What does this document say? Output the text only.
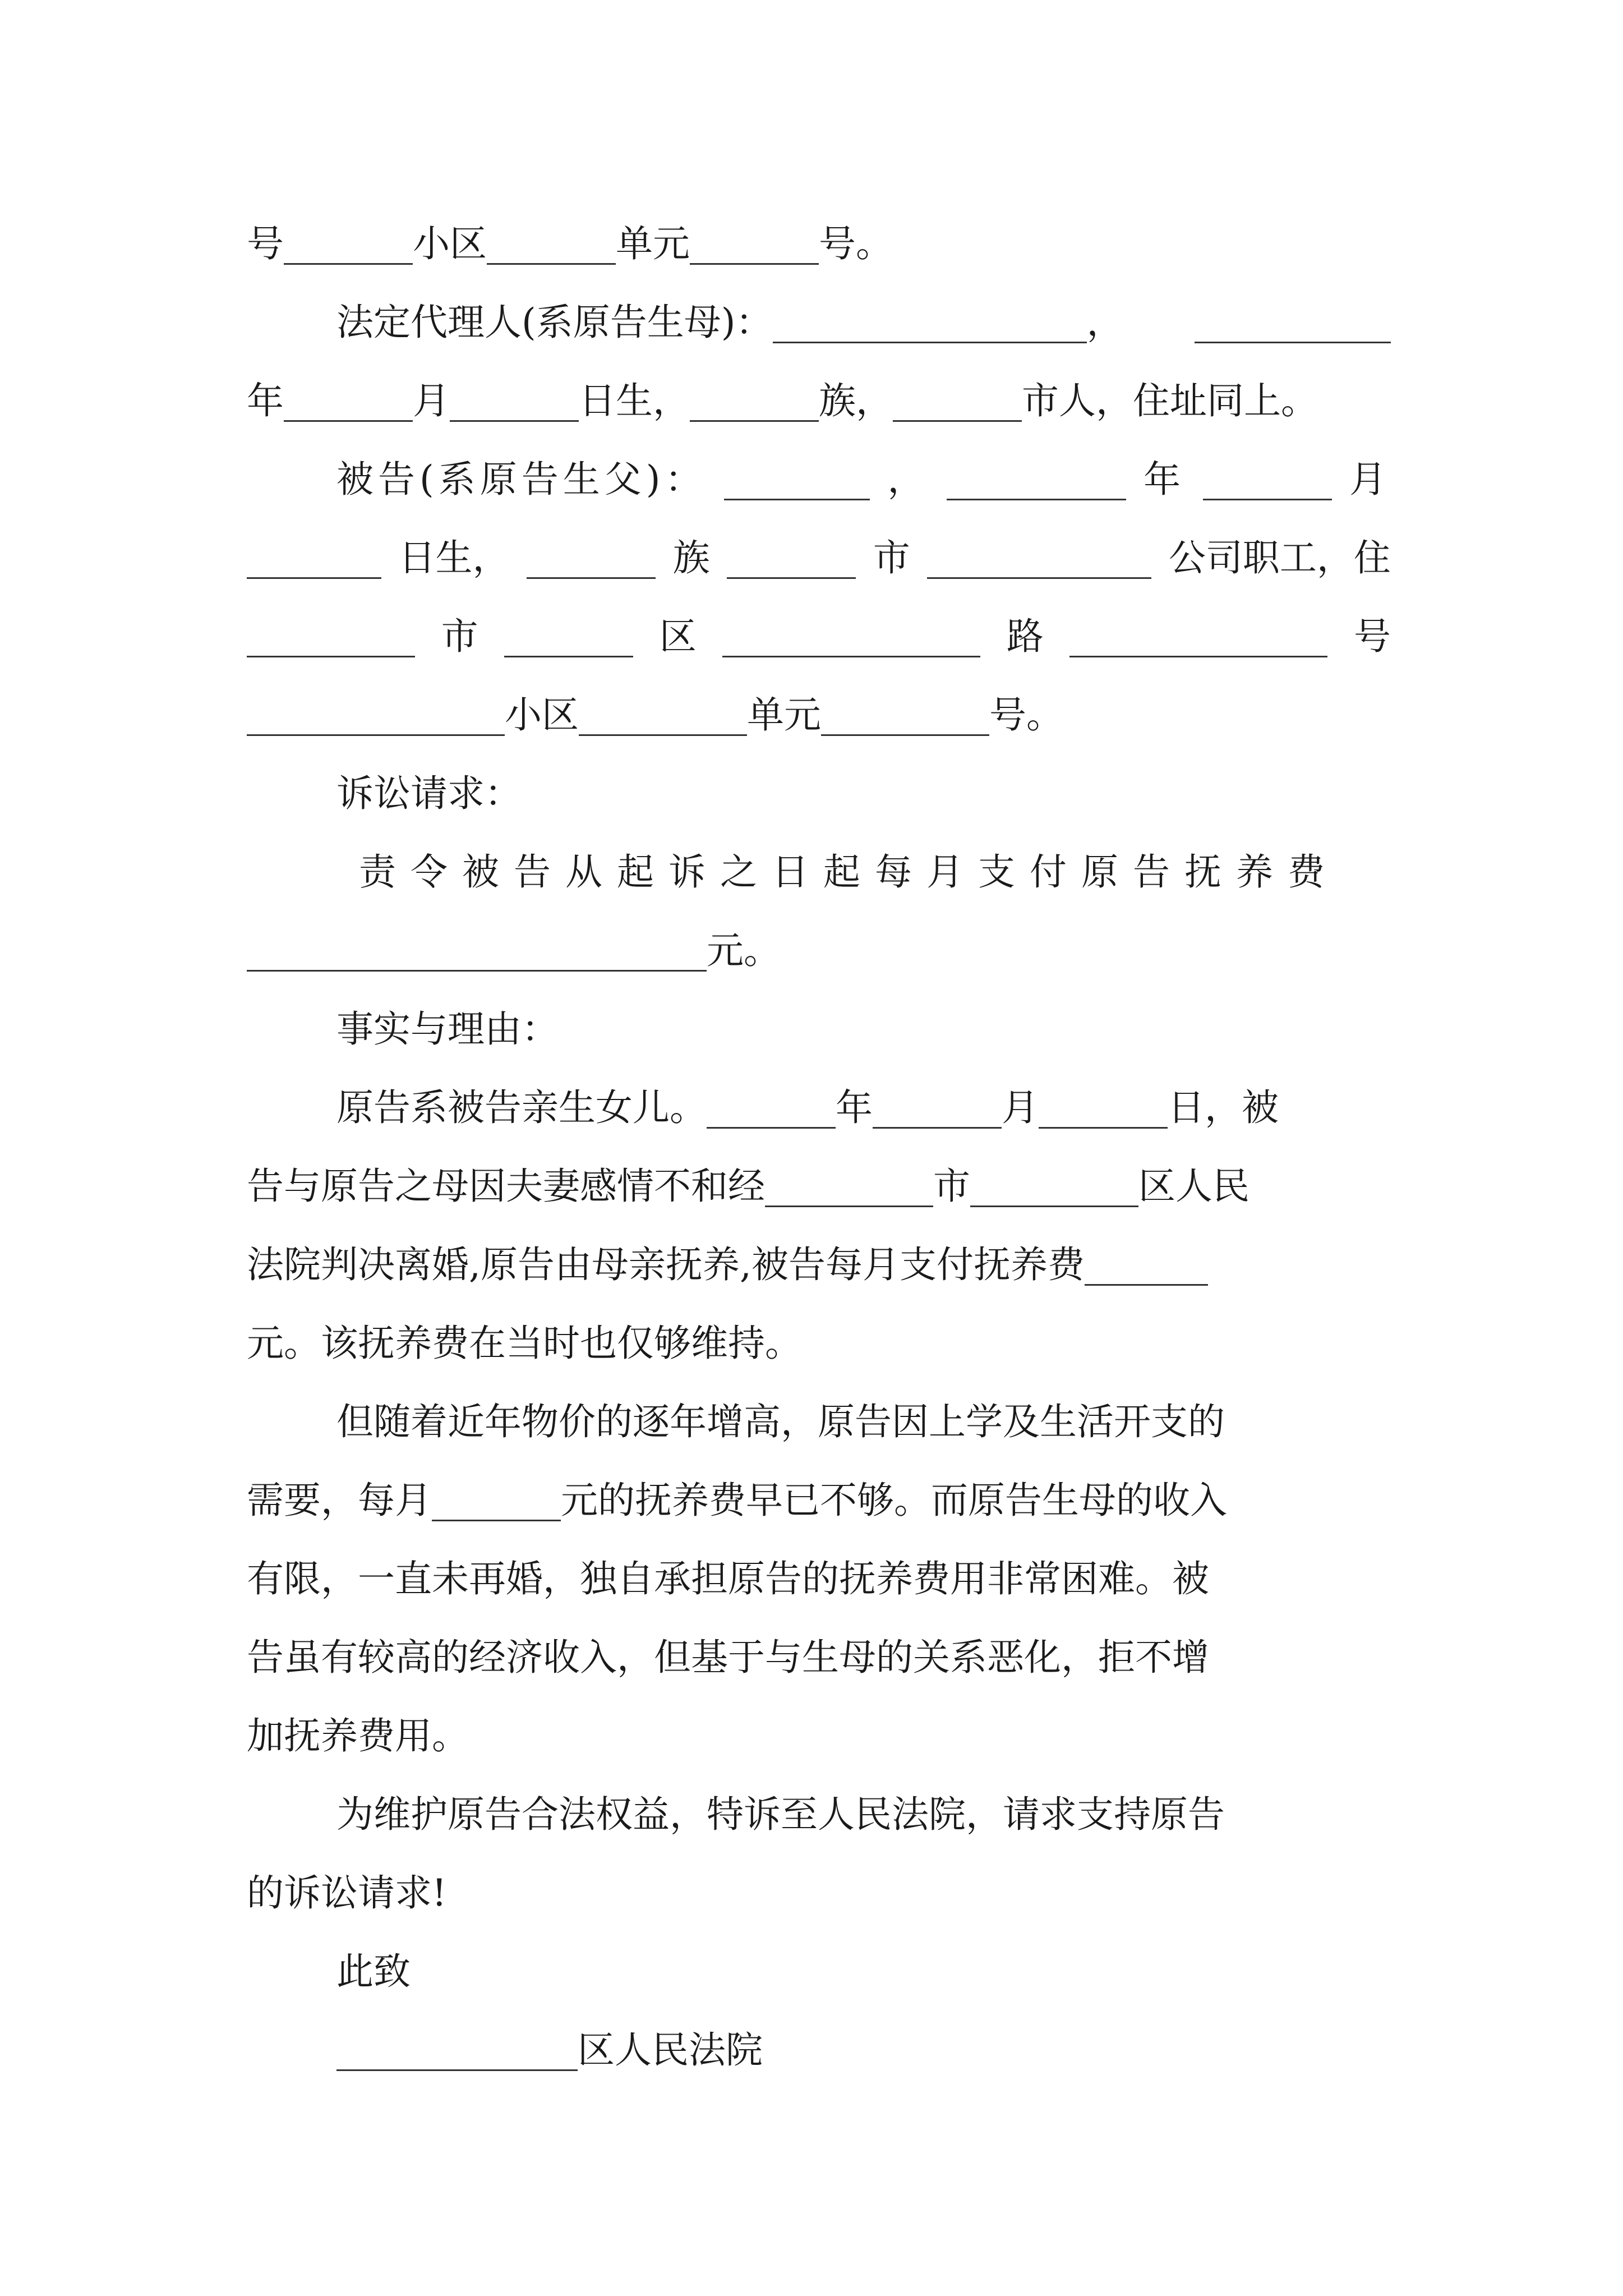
号	小区	单元	号。
法定代理人(系原告生母)：	，
年	月	日生，	族，	市人，住址同上。
被告(系原告生父)：	，	年	月
日生，	族	市	公司职工，住
市	区	路	号
小区	单元	号。
诉讼请求：
责令被告从起诉之日起每月支付原告抚养费
元。
事实与理由：
原告系被告亲生女儿。	年	月	日，被
告与原告之母因夫妻感情不和经	市	区人民
法院判决离婚,原告由母亲抚养,被告每月支付抚养费
元。该抚养费在当时也仅够维持。
但随着近年物价的逐年增高，原告因上学及生活开支的
需要，每月	元的抚养费早已不够。而原告生母的收入
有限，一直未再婚，独自承担原告的抚养费用非常困难。被
告虽有较高的经济收入，但基于与生母的关系恶化，拒不增
加抚养费用。
为维护原告合法权益，特诉至人民法院，请求支持原告
的诉讼请求!
此致
区人民法院
